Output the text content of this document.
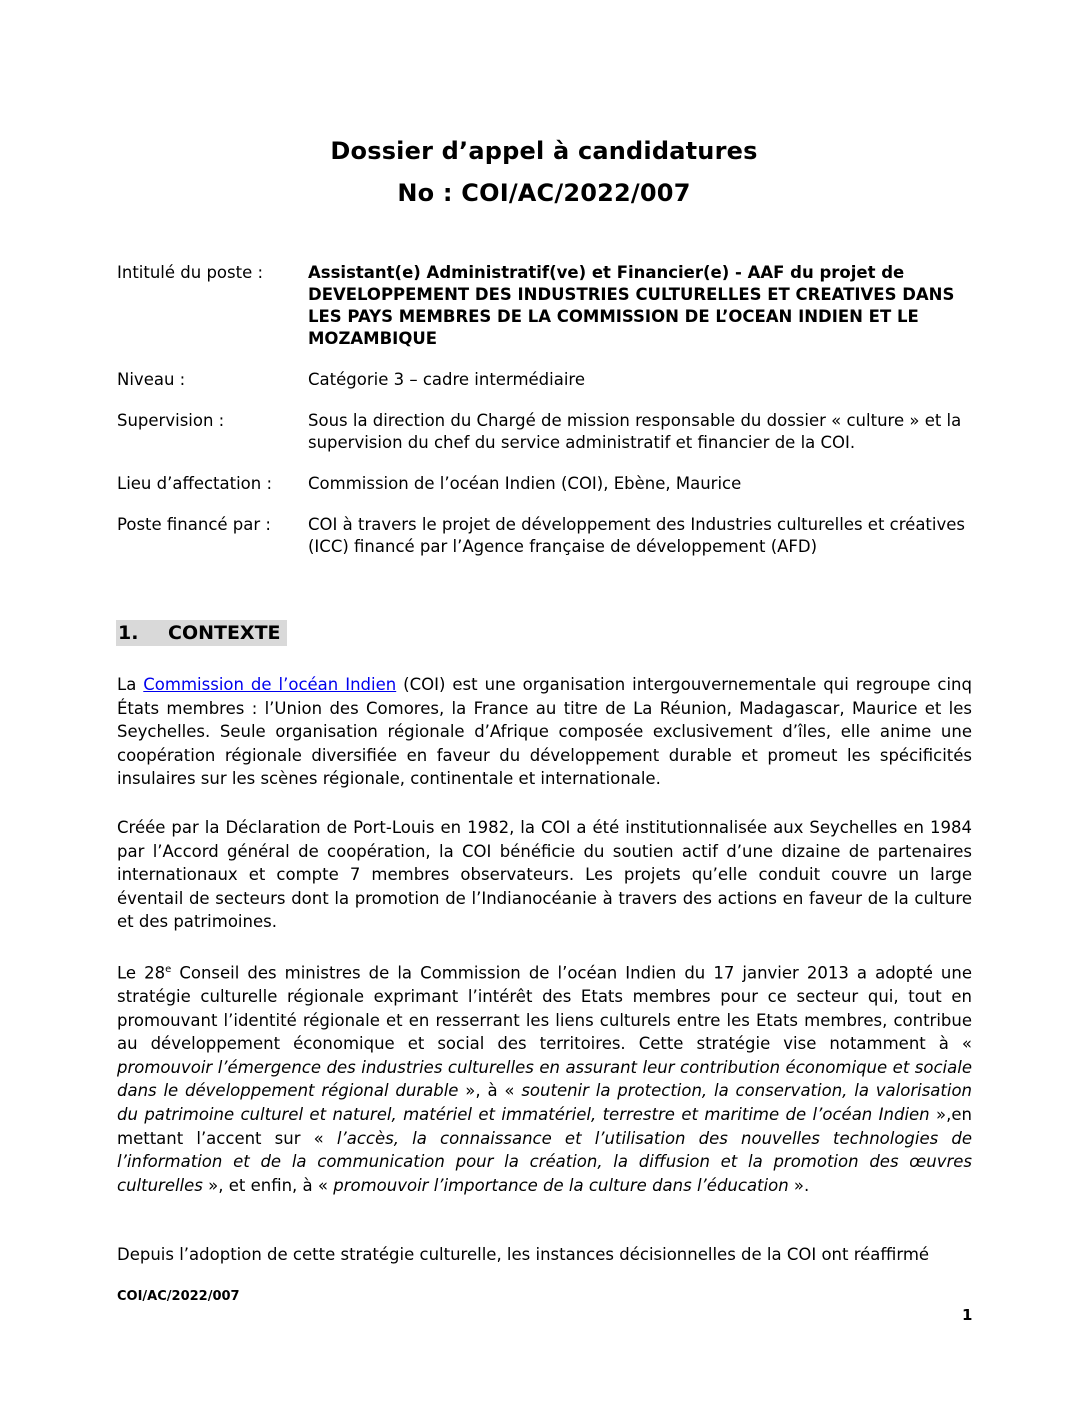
Dossier d’appel à candidatures
No : COI/AC/2022/007
Intitulé du poste :	Assistant(e) Administratif(ve) et Financier(e) - AAF du projet de DEVELOPPEMENT DES INDUSTRIES CULTURELLES ET CREATIVES DANS LES PAYS MEMBRES DE LA COMMISSION DE L’OCEAN INDIEN ET LE MOZAMBIQUE
Niveau :	Catégorie 3 – cadre intermédiaire
Supervision :	Sous la direction du Chargé de mission responsable du dossier « culture » et la supervision du chef du service administratif et financier de la COI.
Lieu d’affectation :	Commission de l’océan Indien (COI), Ebène, Maurice
Poste financé par :	COI à travers le projet de développement des Industries culturelles et créatives (ICC) financé par l’Agence française de développement (AFD)
1. CONTEXTE
La Commission de l’océan Indien (COI) est une organisation intergouvernementale qui regroupe cinq États membres : l’Union des Comores, la France au titre de La Réunion, Madagascar, Maurice et les Seychelles. Seule organisation régionale d’Afrique composée exclusivement d’îles, elle anime une coopération régionale diversifiée en faveur du développement durable et promeut les spécificités insulaires sur les scènes régionale, continentale et internationale.
Créée par la Déclaration de Port-Louis en 1982, la COI a été institutionnalisée aux Seychelles en 1984 par l’Accord général de coopération, la COI bénéficie du soutien actif d’une dizaine de partenaires internationaux et compte 7 membres observateurs. Les projets qu’elle conduit couvre un large éventail de secteurs dont la promotion de l’Indianocéanie à travers des actions en faveur de la culture et des patrimoines.
Le 28e Conseil des ministres de la Commission de l’océan Indien du 17 janvier 2013 a adopté une stratégie culturelle régionale exprimant l’intérêt des Etats membres pour ce secteur qui, tout en promouvant l’identité régionale et en resserrant les liens culturels entre les Etats membres, contribue au développement économique et social des territoires. Cette stratégie vise notamment à « promouvoir l’émergence des industries culturelles en assurant leur contribution économique et sociale dans le développement régional durable », à « soutenir la protection, la conservation, la valorisation du patrimoine culturel et naturel, matériel et immatériel, terrestre et maritime de l’océan Indien »,en mettant l’accent sur « l’accès, la connaissance et l’utilisation des nouvelles technologies de l’information et de la communication pour la création, la diffusion et la promotion des œuvres culturelles », et enfin, à « promouvoir l’importance de la culture dans l’éducation ».
Depuis l’adoption de cette stratégie culturelle, les instances décisionnelles de la COI ont réaffirmé
COI/AC/2022/007
1
